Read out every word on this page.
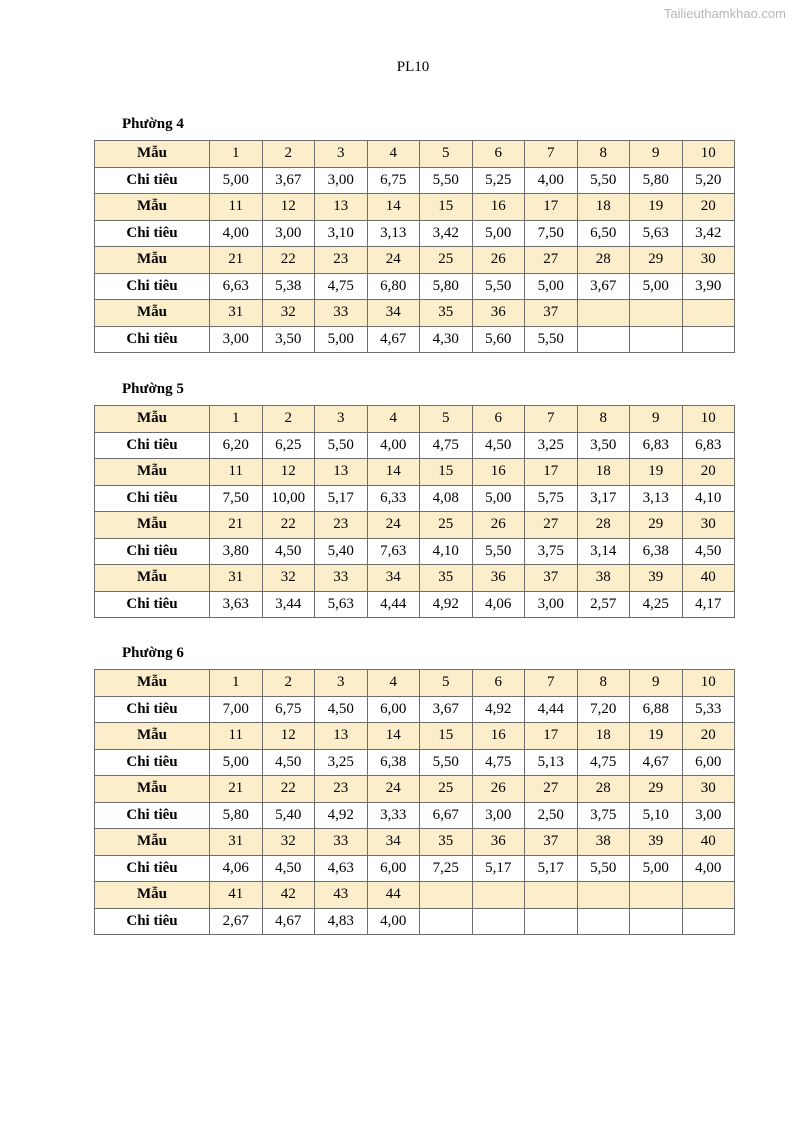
Tailieuthamkhao.com
PL10
Phường 4
Mẫu	1	2	3	4	5	6	7	8	9	10
Chi tiêu	5,00	3,67	3,00	6,75	5,50	5,25	4,00	5,50	5,80	5,20
Mẫu	11	12	13	14	15	16	17	18	19	20
Chi tiêu	4,00	3,00	3,10	3,13	3,42	5,00	7,50	6,50	5,63	3,42
Mẫu	21	22	23	24	25	26	27	28	29	30
Chi tiêu	6,63	5,38	4,75	6,80	5,80	5,50	5,00	3,67	5,00	3,90
Mẫu	31	32	33	34	35	36	37			
Chi tiêu	3,00	3,50	5,00	4,67	4,30	5,60	5,50			
Phường 5
Mẫu	1	2	3	4	5	6	7	8	9	10
Chi tiêu	6,20	6,25	5,50	4,00	4,75	4,50	3,25	3,50	6,83	6,83
Mẫu	11	12	13	14	15	16	17	18	19	20
Chi tiêu	7,50	10,00	5,17	6,33	4,08	5,00	5,75	3,17	3,13	4,10
Mẫu	21	22	23	24	25	26	27	28	29	30
Chi tiêu	3,80	4,50	5,40	7,63	4,10	5,50	3,75	3,14	6,38	4,50
Mẫu	31	32	33	34	35	36	37	38	39	40
Chi tiêu	3,63	3,44	5,63	4,44	4,92	4,06	3,00	2,57	4,25	4,17
Phường 6
Mẫu	1	2	3	4	5	6	7	8	9	10
Chi tiêu	7,00	6,75	4,50	6,00	3,67	4,92	4,44	7,20	6,88	5,33
Mẫu	11	12	13	14	15	16	17	18	19	20
Chi tiêu	5,00	4,50	3,25	6,38	5,50	4,75	5,13	4,75	4,67	6,00
Mẫu	21	22	23	24	25	26	27	28	29	30
Chi tiêu	5,80	5,40	4,92	3,33	6,67	3,00	2,50	3,75	5,10	3,00
Mẫu	31	32	33	34	35	36	37	38	39	40
Chi tiêu	4,06	4,50	4,63	6,00	7,25	5,17	5,17	5,50	5,00	4,00
Mẫu	41	42	43	44						
Chi tiêu	2,67	4,67	4,83	4,00						
